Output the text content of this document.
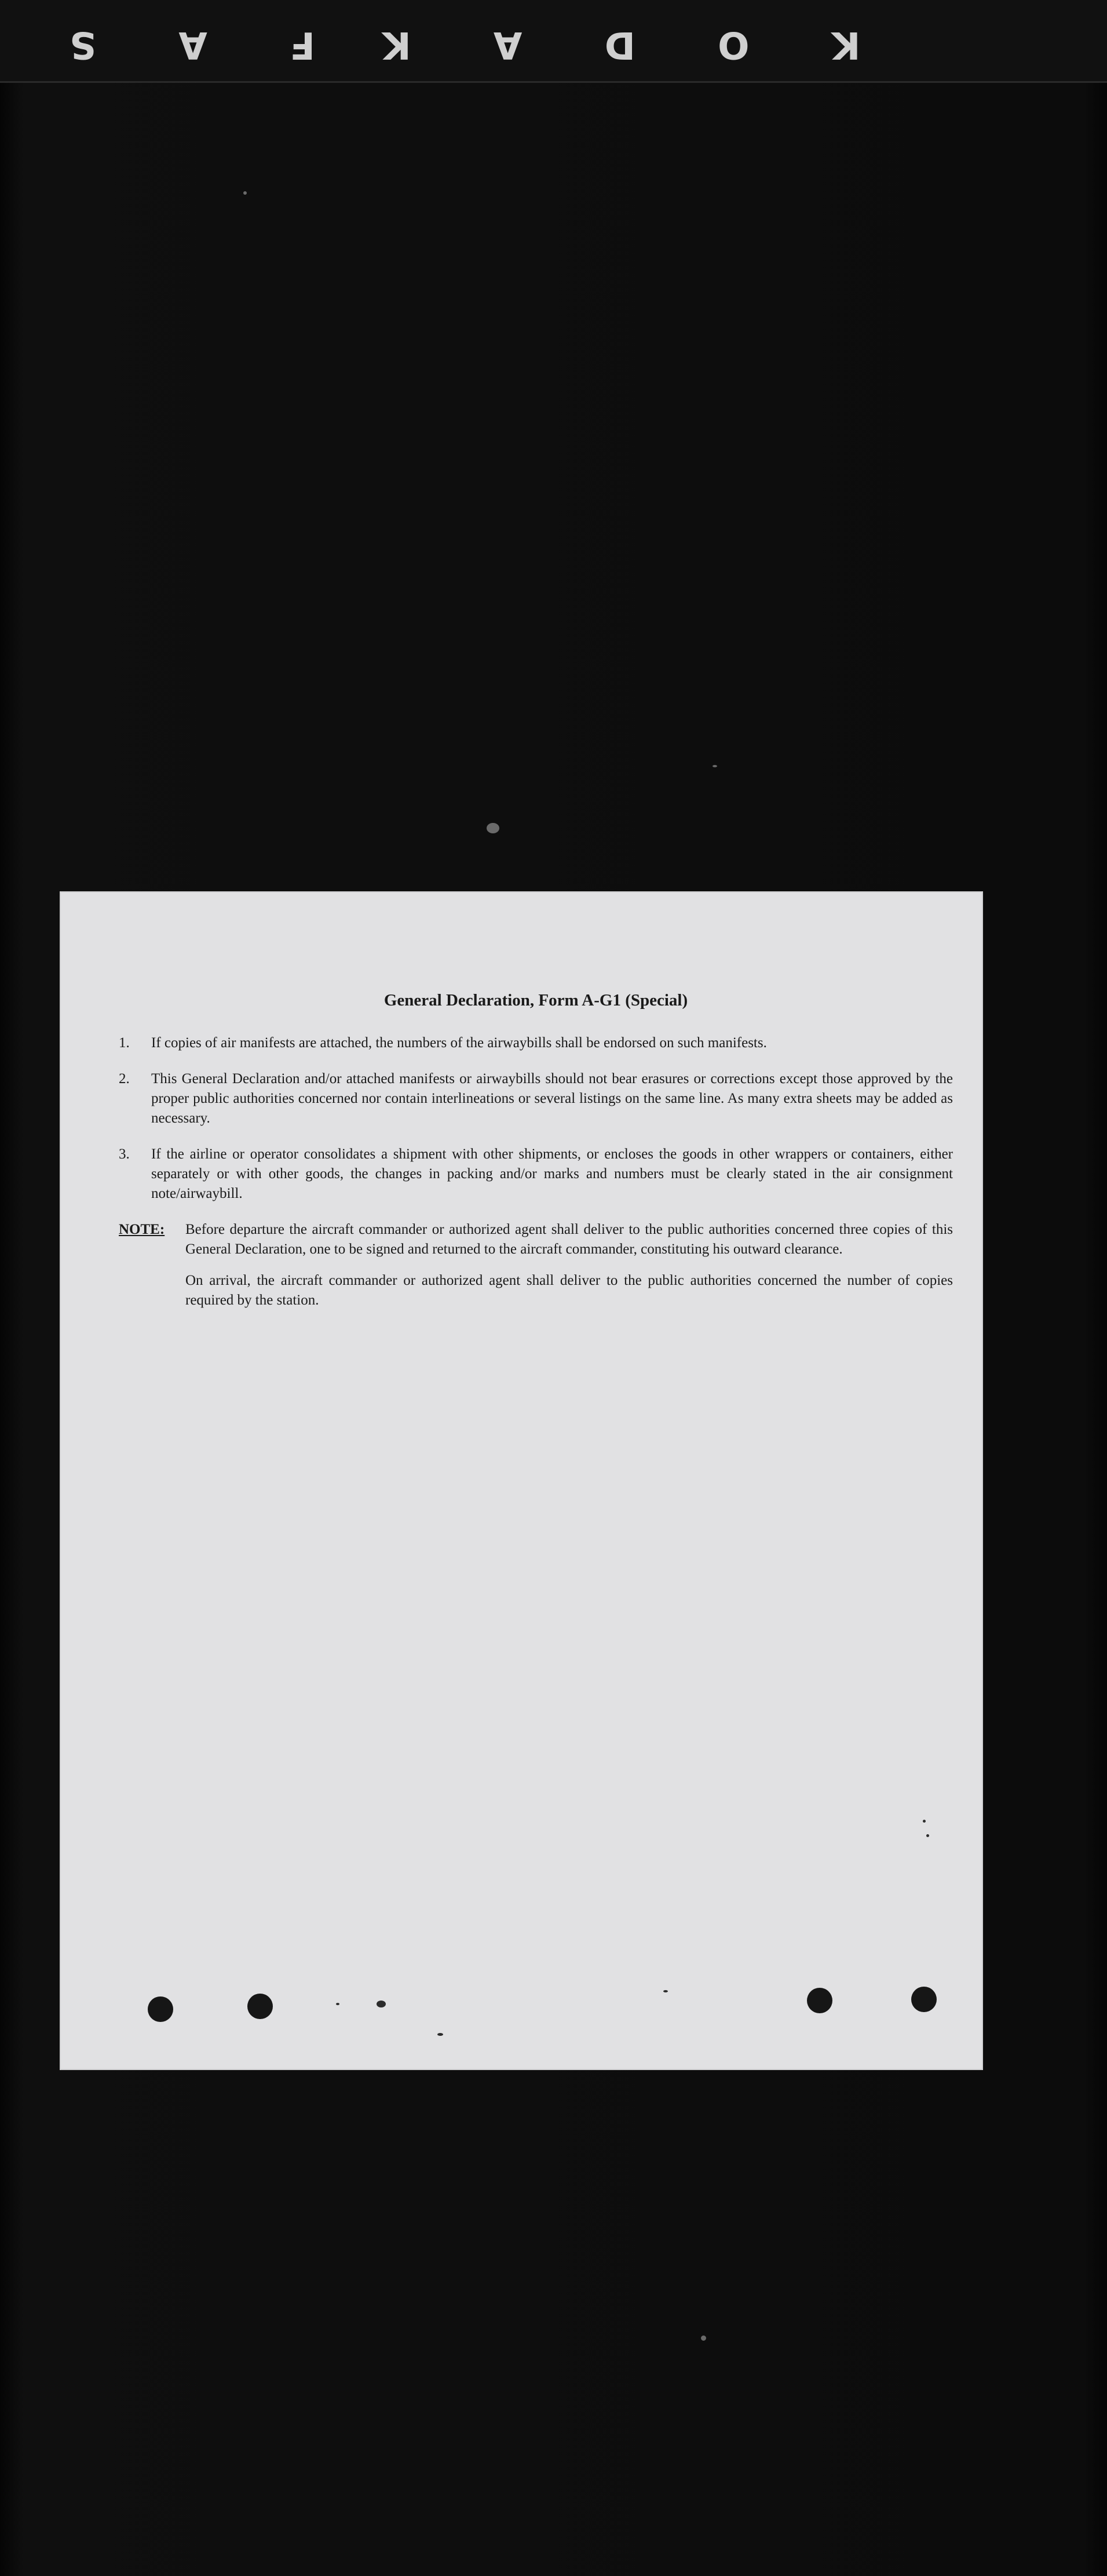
F A S K O D A K
General Declaration, Form A-G1 (Special)
1.	If copies of air manifests are attached, the numbers of the airwaybills shall be endorsed on such manifests.
2.	This General Declaration and/or attached manifests or airwaybills should not bear erasures or corrections except those approved by the proper public authorities concerned nor contain interlineations or several listings on the same line. As many extra sheets may be added as necessary.
3.	If the airline or operator consolidates a shipment with other shipments, or encloses the goods in other wrappers or containers, either separately or with other goods, the changes in packing and/or marks and numbers must be clearly stated in the air consignment note/airwaybill.
NOTE:	Before departure the aircraft commander or authorized agent shall deliver to the public authorities concerned three copies of this General Declaration, one to be signed and returned to the aircraft commander, constituting his outward clearance.
On arrival, the aircraft commander or authorized agent shall deliver to the public authorities concerned the number of copies required by the station.
